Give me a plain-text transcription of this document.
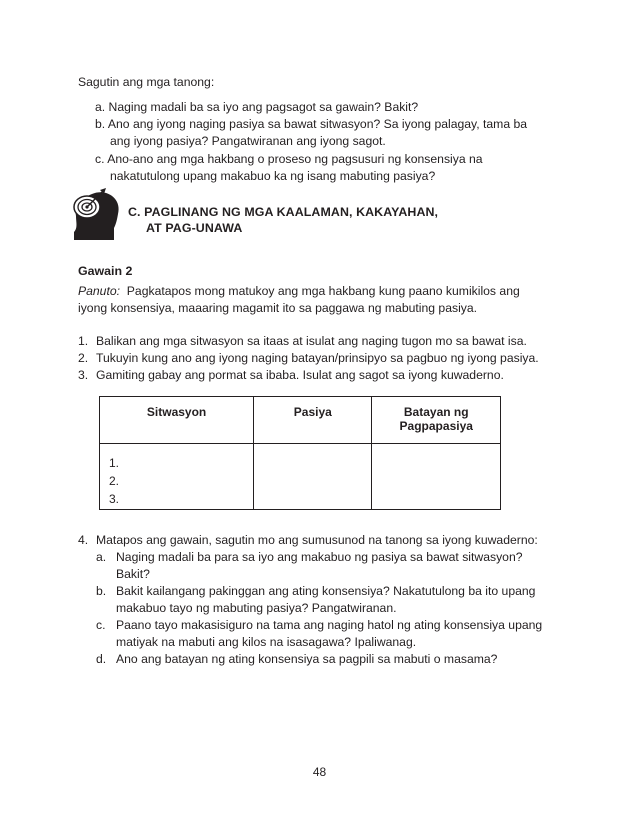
Sagutin ang mga tanong:
a. Naging madali ba sa iyo ang pagsagot sa gawain? Bakit?
b. Ano ang iyong naging pasiya sa bawat sitwasyon? Sa iyong palagay, tama ba
ang iyong pasiya? Pangatwiranan ang iyong sagot.
c. Ano-ano ang mga hakbang o proseso ng pagsusuri ng konsensiya na
nakatutulong upang makabuo ka ng isang mabuting pasiya?
C. PAGLINANG NG MGA KAALAMAN, KAKAYAHAN,
AT PAG-UNAWA
Gawain 2
Panuto:  Pagkatapos mong matukoy ang mga hakbang kung paano kumikilos ang
iyong konsensiya, maaaring magamit ito sa paggawa ng mabuting pasiya.
1. Balikan ang mga sitwasyon sa itaas at isulat ang naging tugon mo sa bawat isa.
2. Tukuyin kung ano ang iyong naging batayan/prinsipyo sa pagbuo ng iyong pasiya.
3. Gamiting gabay ang pormat sa ibaba. Isulat ang sagot sa iyong kuwaderno.
Sitwasyon	Pasiya	Batayan ng
Pagpapasiya

1.
2.
3.		

4. Matapos ang gawain, sagutin mo ang sumusunod na tanong sa iyong kuwaderno:
a. Naging madali ba para sa iyo ang makabuo ng pasiya sa bawat sitwasyon?
Bakit?
b. Bakit kailangang pakinggan ang ating konsensiya? Nakatutulong ba ito upang
makabuo tayo ng mabuting pasiya? Pangatwiranan.
c. Paano tayo makasisiguro na tama ang naging hatol ng ating konsensiya upang
matiyak na mabuti ang kilos na isasagawa? Ipaliwanag.
d. Ano ang batayan ng ating konsensiya sa pagpili sa mabuti o masama?
48
